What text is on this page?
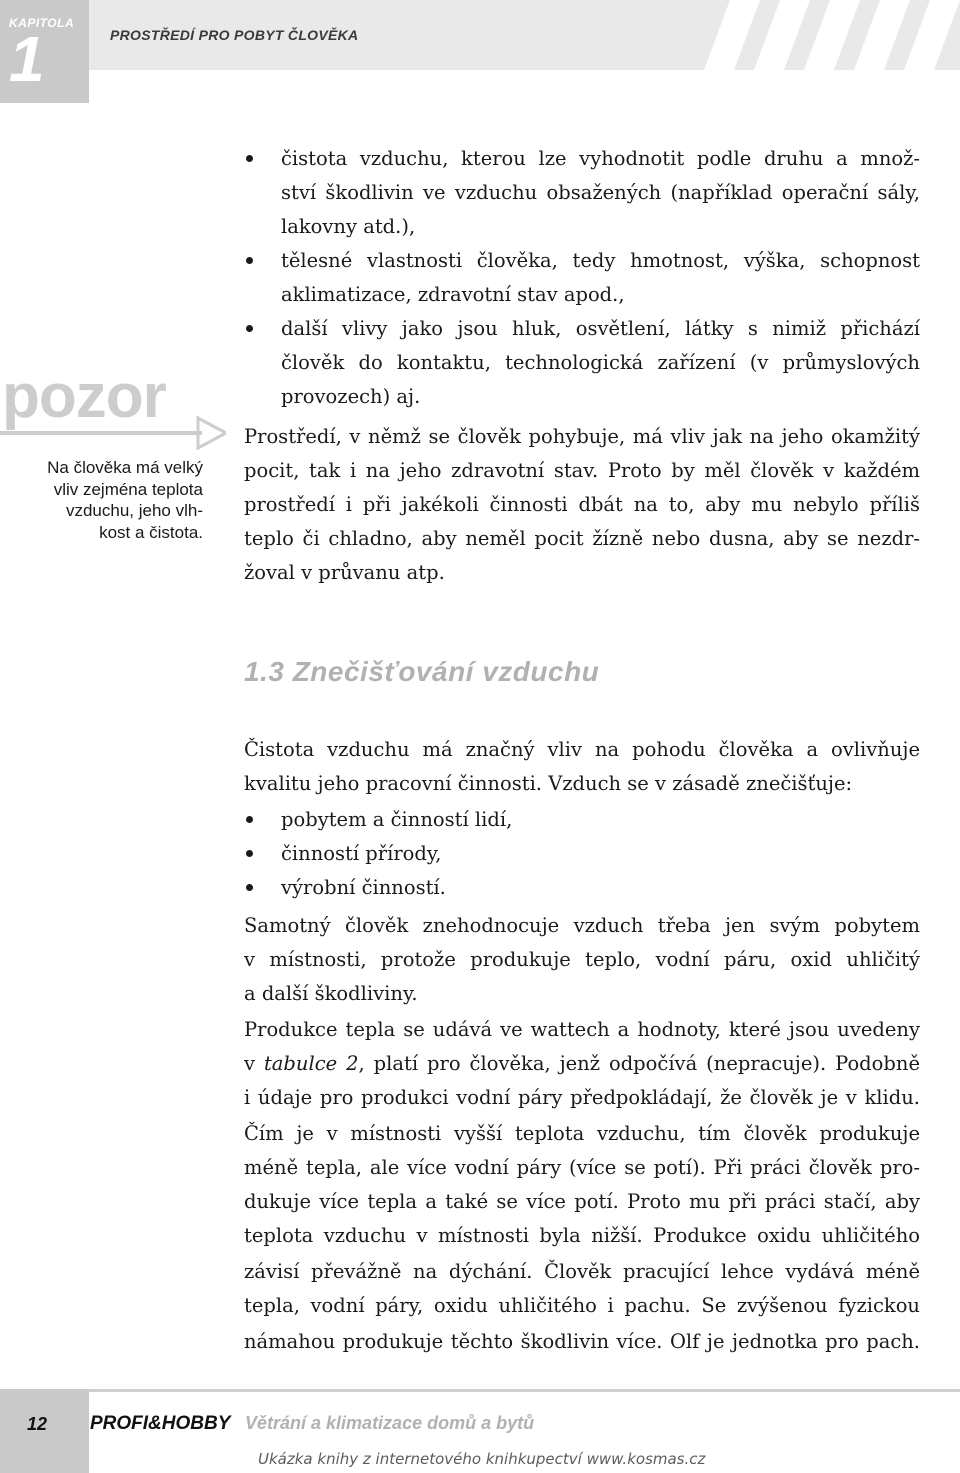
KAPITOLA
1	PROSTŘEDÍ PRO POBYT ČLOVĚKA
pozor
Na člověka má velký
vliv zejména teplota
vzduchu, jeho vlh-
kost a čistota.

čistota vzduchu, kterou lze vyhodnotit podle druhu a množ-

ství škodlivin ve vzduchu obsažených (například operační sály,

lakovny atd.),

tělesné vlastnosti člověka, tedy hmotnost, výška, schopnost

aklimatizace, zdravotní stav apod.,

další vlivy jako jsou hluk, osvětlení, látky s nimiž přichází

člověk do kontaktu, technologická zařízení (v průmyslových

provozech) aj.

Prostředí, v němž se člověk pohybuje, má vliv jak na jeho okamžitý

pocit, tak i na jeho zdravotní stav. Proto by měl člověk v každém

prostředí i při jakékoli činnosti dbát na to, aby mu nebylo příliš

teplo či chladno, aby neměl pocit žízně nebo dusna, aby se nezdr-

žoval v průvanu atp.

1.3 Znečišťování vzduchu

Čistota vzduchu má značný vliv na pohodu člověka a ovlivňuje

kvalitu jeho pracovní činnosti. Vzduch se v zásadě znečišťuje:

pobytem a činností lidí,

činností přírody,

výrobní činností.

Samotný člověk znehodnocuje vzduch třeba jen svým pobytem

v místnosti, protože produkuje teplo, vodní páru, oxid uhličitý

a další škodliviny.

Produkce tepla se udává ve wattech a hodnoty, které jsou uvedeny

v tabulce 2, platí pro člověka, jenž odpočívá (nepracuje). Podobně

i údaje pro produkci vodní páry předpokládají, že člověk je v klidu.

Čím je v místnosti vyšší teplota vzduchu, tím člověk produkuje

méně tepla, ale více vodní páry (více se potí). Při práci člověk pro-

dukuje více tepla a také se více potí. Proto mu při práci stačí, aby

teplota vzduchu v místnosti byla nižší. Produkce oxidu uhličitého

závisí převážně na dýchání. Člověk pracující lehce vydává méně

tepla, vodní páry, oxidu uhličitého i pachu. Se zvýšenou fyzickou

námahou produkuje těchto škodlivin více. Olf je jednotka pro pach.

12	PROFI&HOBBY Větrání a klimatizace domů a bytů
Ukázka knihy z internetového knihkupectví www.kosmas.cz
